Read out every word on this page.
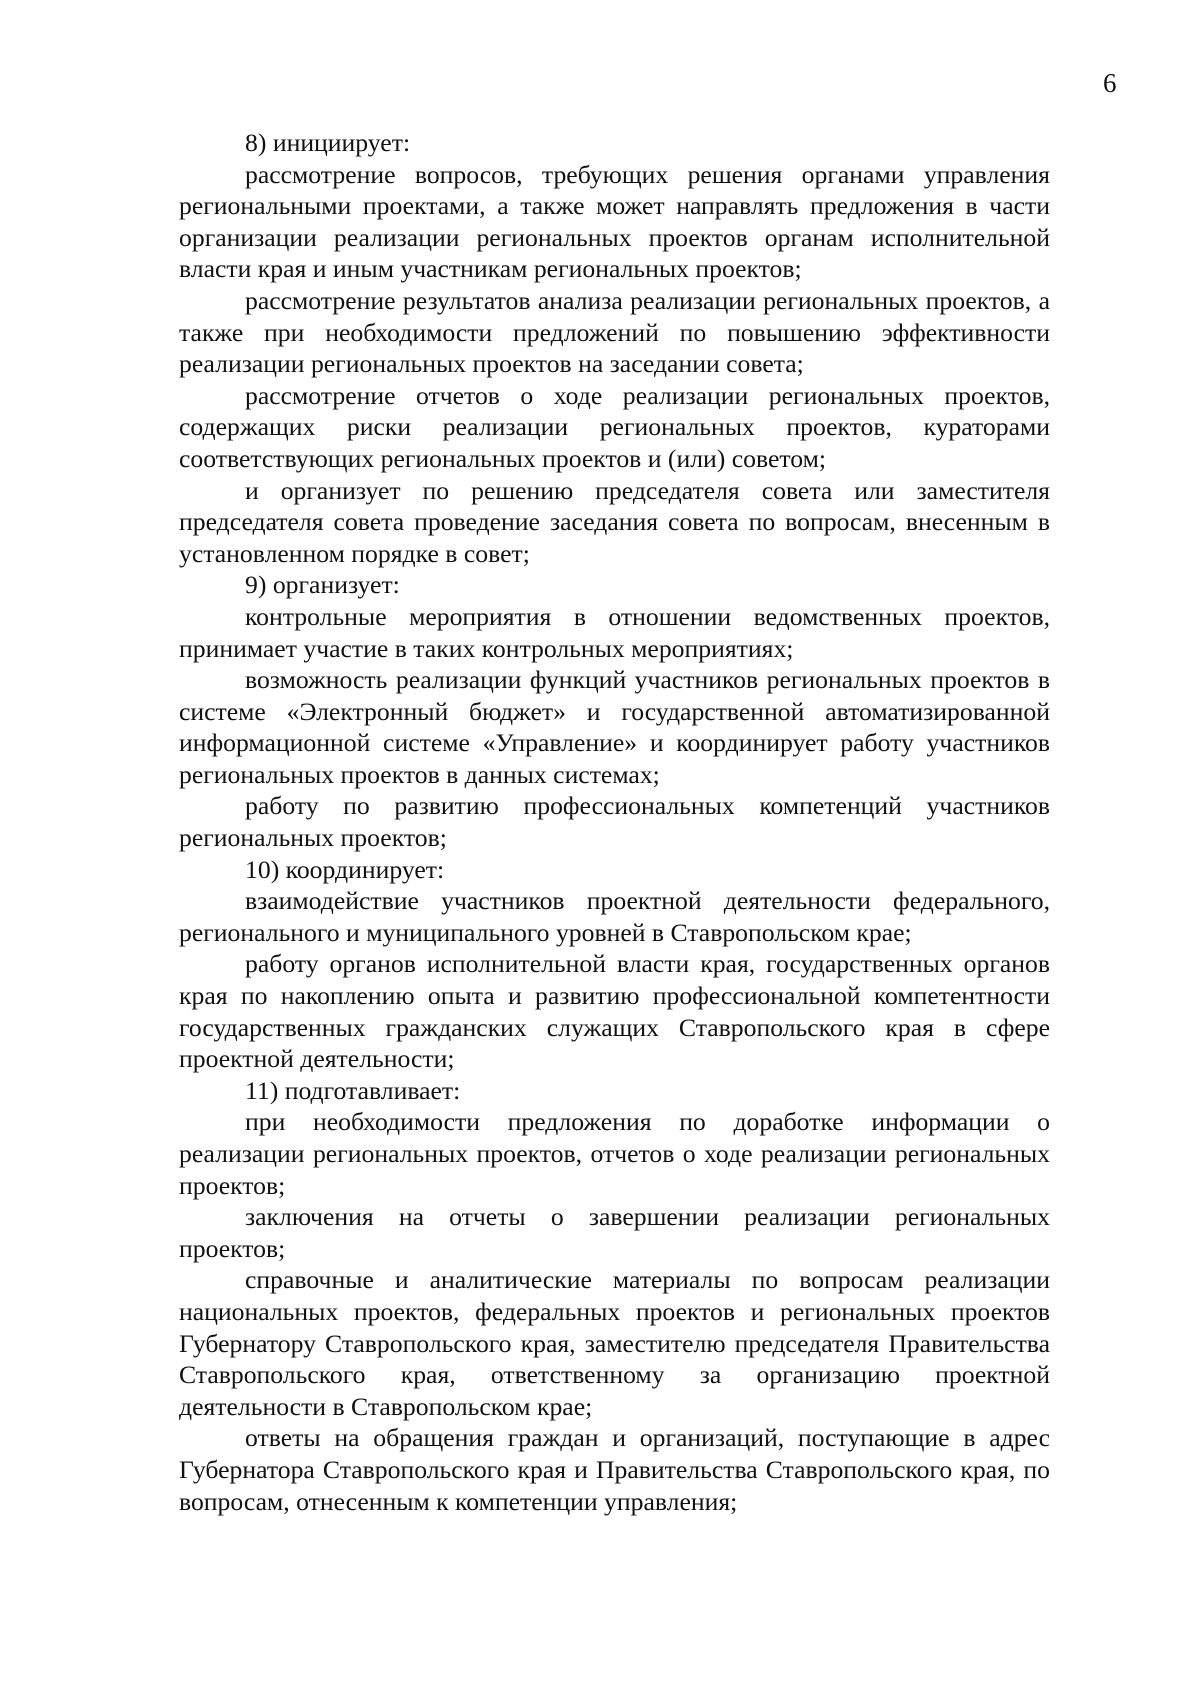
6

8) инициирует:

рассмотрение вопросов, требующих решения органами управления региональными проектами, а также может направлять предложения в части организации реализации региональных проектов органам исполнительной власти края и иным участникам региональных проектов;

рассмотрение результатов анализа реализации региональных проектов, а также при необходимости предложений по повышению эффективности реализации региональных проектов на заседании совета;

рассмотрение отчетов о ходе реализации региональных проектов, содержащих риски реализации региональных проектов, кураторами соответствующих региональных проектов и (или) советом;

и организует по решению председателя совета или заместителя председателя совета проведение заседания совета по вопросам, внесенным в установленном порядке в совет;

9) организует:

контрольные мероприятия в отношении ведомственных проектов, принимает участие в таких контрольных мероприятиях;

возможность реализации функций участников региональных проектов в системе «Электронный бюджет» и государственной автоматизированной информационной системе «Управление» и координирует работу участников региональных проектов в данных системах;

работу по развитию профессиональных компетенций участников региональных проектов;

10) координирует:

взаимодействие участников проектной деятельности федерального, регионального и муниципального уровней в Ставропольском крае;

работу органов исполнительной власти края, государственных органов края по накоплению опыта и развитию профессиональной компетентности государственных гражданских служащих Ставропольского края в сфере проектной деятельности;

11) подготавливает:

при необходимости предложения по доработке информации о реализации региональных проектов, отчетов о ходе реализации региональных проектов;

заключения на отчеты о завершении реализации региональных проектов;

справочные и аналитические материалы по вопросам реализации национальных проектов, федеральных проектов и региональных проектов Губернатору Ставропольского края, заместителю председателя Правительства Ставропольского края, ответственному за организацию проектной деятельности в Ставропольском крае;

ответы на обращения граждан и организаций, поступающие в адрес Губернатора Ставропольского края и Правительства Ставропольского края, по вопросам, отнесенным к компетенции управления;
